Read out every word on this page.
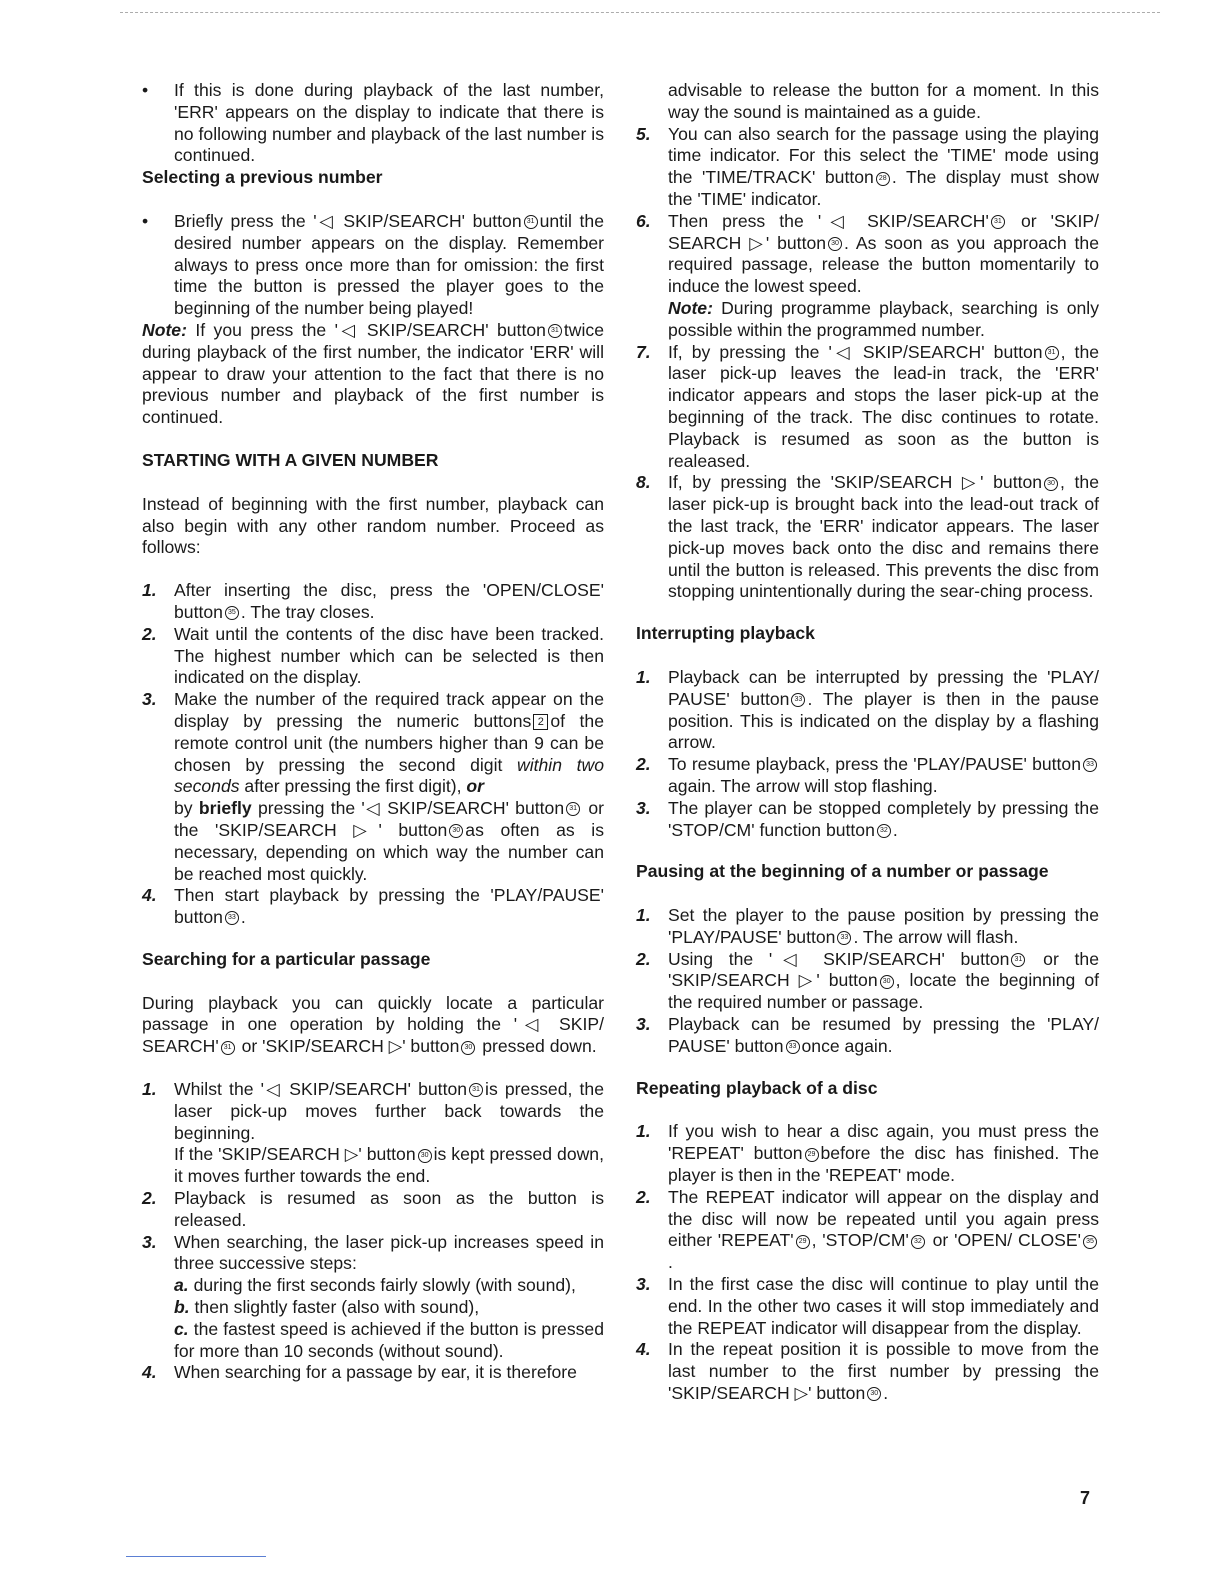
• If this is done during playback of the last number, 'ERR' appears on the display to indicate that there is no following number and playback of the last number is continued.

Selecting a previous number

• Briefly press the '◁ SKIP/SEARCH' button 31 until the desired number appears on the display. Remember always to press once more than for omission: the first time the button is pressed the player goes to the beginning of the number being played!

Note: If you press the '◁ SKIP/SEARCH' button 31 twice during playback of the first number, the indicator 'ERR' will appear to draw your attention to the fact that there is no previous number and playback of the first number is continued.

STARTING WITH A GIVEN NUMBER

Instead of beginning with the first number, playback can also begin with any other random number. Proceed as follows:

1. After inserting the disc, press the 'OPEN/CLOSE' button 35 . The tray closes.

2. Wait until the contents of the disc have been tracked. The highest number which can be selected is then indicated on the display.

3. Make the number of the required track appear on the display by pressing the numeric buttons 2 of the remote control unit (the numbers higher than 9 can be chosen by pressing the second digit within two seconds after pressing the first digit), or
by briefly pressing the '◁ SKIP/SEARCH' button 31 or the 'SKIP/SEARCH ▷' button 30 as often as is necessary, depending on which way the number can be reached most quickly.

4. Then start playback by pressing the 'PLAY/PAUSE' button 33 .

Searching for a particular passage

During playback you can quickly locate a particular passage in one operation by holding the '◁ SKIP/ SEARCH' 31 or 'SKIP/SEARCH ▷' button 30 pressed down.

1. Whilst the '◁ SKIP/SEARCH' button 31 is pressed, the laser pick-up moves further back towards the beginning.
If the 'SKIP/SEARCH ▷' button 30 is kept pressed down, it moves further towards the end.

2. Playback is resumed as soon as the button is released.

3. When searching, the laser pick-up increases speed in three successive steps:
a. during the first seconds fairly slowly (with sound),
b. then slightly faster (also with sound),
c. the fastest speed is achieved if the button is pressed for more than 10 seconds (without sound).

4. When searching for a passage by ear, it is therefore

advisable to release the button for a moment. In this way the sound is maintained as a guide.

5. You can also search for the passage using the playing time indicator. For this select the 'TIME' mode using the 'TIME/TRACK' button 28 . The display must show the 'TIME' indicator.

6. Then press the '◁ SKIP/SEARCH' 31 or 'SKIP/ SEARCH ▷' button 30 . As soon as you approach the required passage, release the button momentarily to induce the lowest speed.
Note: During programme playback, searching is only possible within the programmed number.

7. If, by pressing the '◁ SKIP/SEARCH' button 31 , the laser pick-up leaves the lead-in track, the 'ERR' indicator appears and stops the laser pick-up at the beginning of the track. The disc continues to rotate. Playback is resumed as soon as the button is realeased.

8. If, by pressing the 'SKIP/SEARCH ▷' button 30 , the laser pick-up is brought back into the lead-out track of the last track, the 'ERR' indicator appears. The laser pick-up moves back onto the disc and remains there until the button is released. This prevents the disc from stopping unintentionally during the sear-ching process.

Interrupting playback

1. Playback can be interrupted by pressing the 'PLAY/ PAUSE' button 33 . The player is then in the pause position. This is indicated on the display by a flashing arrow.

2. To resume playback, press the 'PLAY/PAUSE' button 33again. The arrow will stop flashing.

3. The player can be stopped completely by pressing the 'STOP/CM' function button 32 .

Pausing at the beginning of a number or passage

1. Set the player to the pause position by pressing the 'PLAY/PAUSE' button 33 . The arrow will flash.

2. Using the '◁ SKIP/SEARCH' button 31 or the 'SKIP/SEARCH ▷' button 30 , locate the beginning of the required number or passage.

3. Playback can be resumed by pressing the 'PLAY/ PAUSE' button 33 once again.

Repeating playback of a disc

1. If you wish to hear a disc again, you must press the 'REPEAT' button 29 before the disc has finished. The player is then in the 'REPEAT' mode.

2. The REPEAT indicator will appear on the display and the disc will now be repeated until you again press either 'REPEAT' 29 , 'STOP/CM' 32 or 'OPEN/ CLOSE' 35.

3. In the first case the disc will continue to play until the end. In the other two cases it will stop immediately and the REPEAT indicator will disappear from the display.

4. In the repeat position it is possible to move from the last number to the first number by pressing the 'SKIP/SEARCH ▷' button 30 .

7
